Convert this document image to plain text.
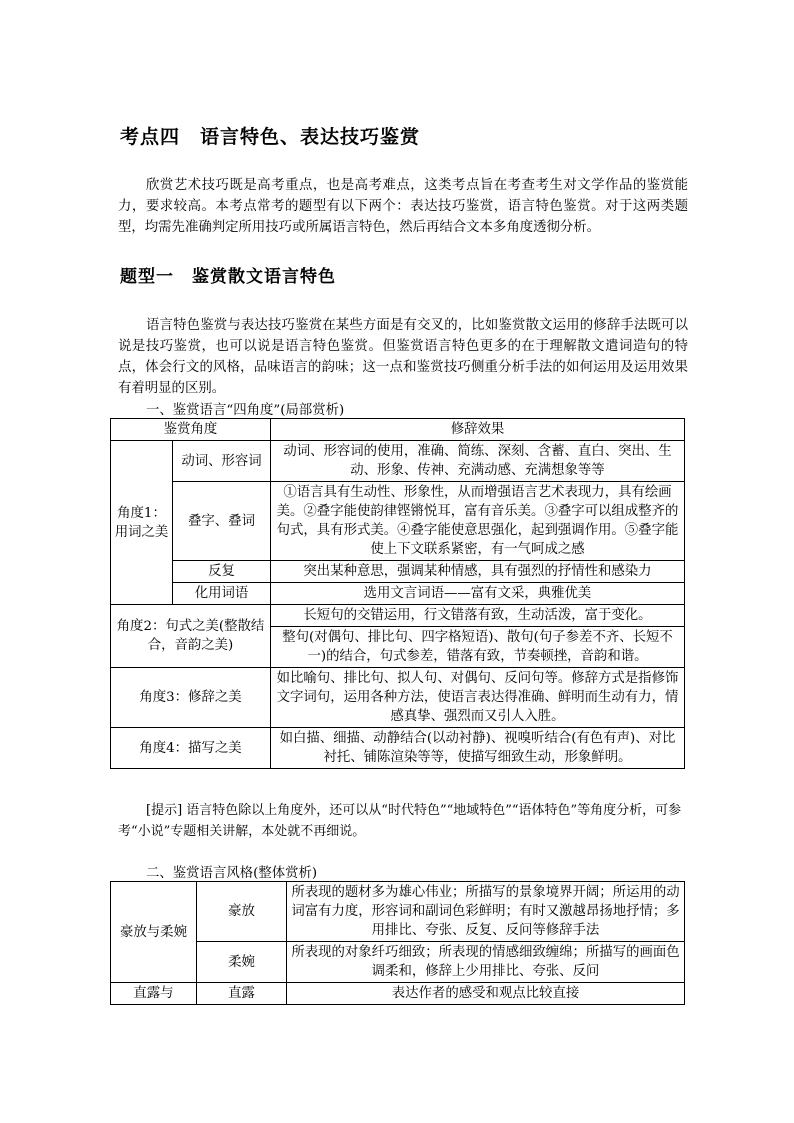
考点四 语言特色、表达技巧鉴赏
欣赏艺术技巧既是高考重点，也是高考难点，这类考点旨在考查考生对文学作品的鉴赏能力，要求较高。本考点常考的题型有以下两个：表达技巧鉴赏，语言特色鉴赏。对于这两类题型，均需先准确判定所用技巧或所属语言特色，然后再结合文本多角度透彻分析。
题型一 鉴赏散文语言特色
语言特色鉴赏与表达技巧鉴赏在某些方面是有交叉的，比如鉴赏散文运用的修辞手法既可以说是技巧鉴赏，也可以说是语言特色鉴赏。但鉴赏语言特色更多的在于理解散文遣词造句的特点，体会行文的风格，品味语言的韵味；这一点和鉴赏技巧侧重分析手法的如何运用及运用效果有着明显的区别。
一、鉴赏语言“四角度”(局部赏析)
鉴赏角度		修辞效果
角度1：用词之美	动词、形容词	动词、形容词的使用，准确、简练、深刻、含蓄、直白、突出、生动、形象、传神、充满动感、充满想象等等
	叠字、叠词	①语言具有生动性、形象性，从而增强语言艺术表现力，具有绘画美。②叠字能使韵律铿锵悦耳，富有音乐美。③叠字可以组成整齐的句式，具有形式美。④叠字能使意思强化，起到强调作用。⑤叠字能使上下文联系紧密，有一气呵成之感
	反复	突出某种意思，强调某种情感，具有强烈的抒情性和感染力
	化用词语	选用文言词语——富有文采，典雅优美
角度2：句式之美(整散结合，音韵之美)		长短句的交错运用，行文错落有致，生动活泼，富于变化。
		整句(对偶句、排比句、四字格短语)、散句(句子参差不齐、长短不一)的结合，句式参差，错落有致，节奏顿挫，音韵和谐。
角度3：修辞之美		如比喻句、排比句、拟人句、对偶句、反问句等。修辞方式是指修饰文字词句，运用各种方法，使语言表达得准确、鲜明而生动有力，情感真挚、强烈而又引人入胜。
角度4：描写之美		如白描、细描、动静结合(以动衬静)、视嗅听结合(有色有声)、对比衬托、铺陈渲染等等，使描写细致生动，形象鲜明。
[提示] 语言特色除以上角度外，还可以从“时代特色”“地域特色”“语体特色”等角度分析，可参考“小说”专题相关讲解，本处就不再细说。
二、鉴赏语言风格(整体赏析)
豪放与柔婉	豪放	所表现的题材多为雄心伟业；所描写的景象境界开阔；所运用的动词富有力度，形容词和副词色彩鲜明；有时又激越昂扬地抒情；多用排比、夸张、反复、反问等修辞手法
	柔婉	所表现的对象纤巧细致；所表现的情感细致缠绵；所描写的画面色调柔和，修辞上少用排比、夸张、反问
直露与	直露	表达作者的感受和观点比较直接
